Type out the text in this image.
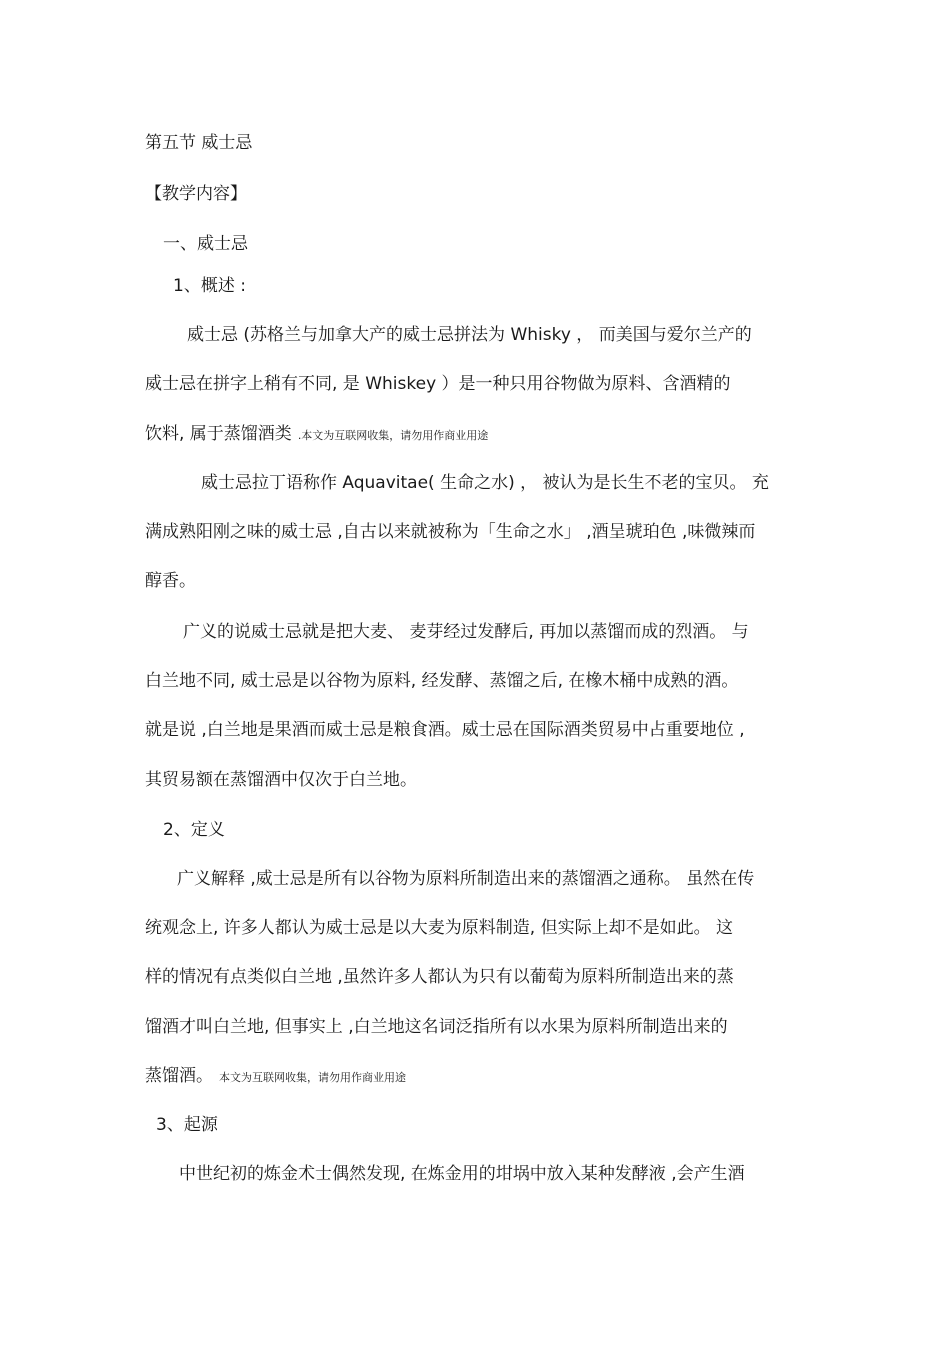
第五节 威士忌
【教学内容】
一、威士忌
1、概述 :
威士忌 (苏格兰与加拿大产的威士忌拼法为 Whisky ， 而美国与爱尔兰产的
威士忌在拼字上稍有不同, 是 Whiskey ）是一种只用谷物做为原料、含酒精的
饮料, 属于蒸馏酒类 .本文为互联网收集，请勿用作商业用途
威士忌拉丁语称作 Aquavitae( 生命之水) ， 被认为是长生不老的宝贝。 充
满成熟阳刚之味的威士忌 ,自古以来就被称为「生命之水」 ,酒呈琥珀色 ,味微辣而
醇香。
广义的说威士忌就是把大麦、 麦芽经过发酵后, 再加以蒸馏而成的烈酒。 与
白兰地不同, 威士忌是以谷物为原料, 经发酵、蒸馏之后, 在橡木桶中成熟的酒。
就是说 ,白兰地是果酒而威士忌是粮食酒。威士忌在国际酒类贸易中占重要地位 ,
其贸易额在蒸馏酒中仅次于白兰地。
2、定义
广义解释 ,威士忌是所有以谷物为原料所制造出来的蒸馏酒之通称。 虽然在传
统观念上, 许多人都认为威士忌是以大麦为原料制造, 但实际上却不是如此。 这
样的情况有点类似白兰地 ,虽然许多人都认为只有以葡萄为原料所制造出来的蒸
馏酒才叫白兰地, 但事实上 ,白兰地这名词泛指所有以水果为原料所制造出来的
蒸馏酒。 本文为互联网收集，请勿用作商业用途
3、起源
中世纪初的炼金术士偶然发现, 在炼金用的坩埚中放入某种发酵液 ,会产生酒
